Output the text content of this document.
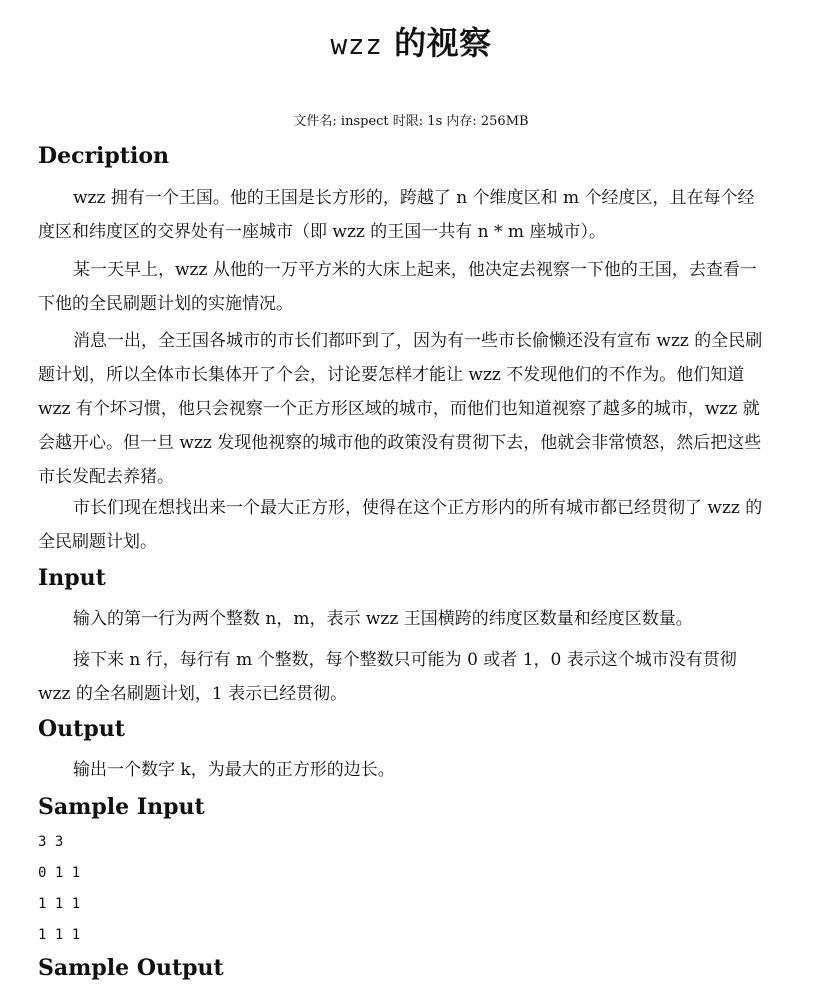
wzz 的视察
文件名: inspect 时限: 1s 内存: 256MB
Decription

wzz 拥有一个王国。他的王国是长方形的，跨越了 n 个维度区和 m 个经度区，且在每个经度区和纬度区的交界处有一座城市（即 wzz 的王国一共有 n * m 座城市）。

某一天早上，wzz 从他的一万平方米的大床上起来，他决定去视察一下他的王国，去查看一下他的全民刷题计划的实施情况。

消息一出，全王国各城市的市长们都吓到了，因为有一些市长偷懒还没有宣布 wzz 的全民刷题计划，所以全体市长集体开了个会，讨论要怎样才能让 wzz 不发现他们的不作为。他们知道 wzz 有个坏习惯，他只会视察一个正方形区域的城市，而他们也知道视察了越多的城市，wzz 就会越开心。但一旦 wzz 发现他视察的城市他的政策没有贯彻下去，他就会非常愤怒，然后把这些市长发配去养猪。

市长们现在想找出来一个最大正方形，使得在这个正方形内的所有城市都已经贯彻了 wzz 的全民刷题计划。

Input

输入的第一行为两个整数 n，m，表示 wzz 王国横跨的纬度区数量和经度区数量。

接下来 n 行，每行有 m 个整数，每个整数只可能为 0 或者 1，0 表示这个城市没有贯彻 wzz 的全名刷题计划，1 表示已经贯彻。

Output

输出一个数字 k，为最大的正方形的边长。

Sample Input
3 3
0 1 1
1 1 1
1 1 1
Sample Output
